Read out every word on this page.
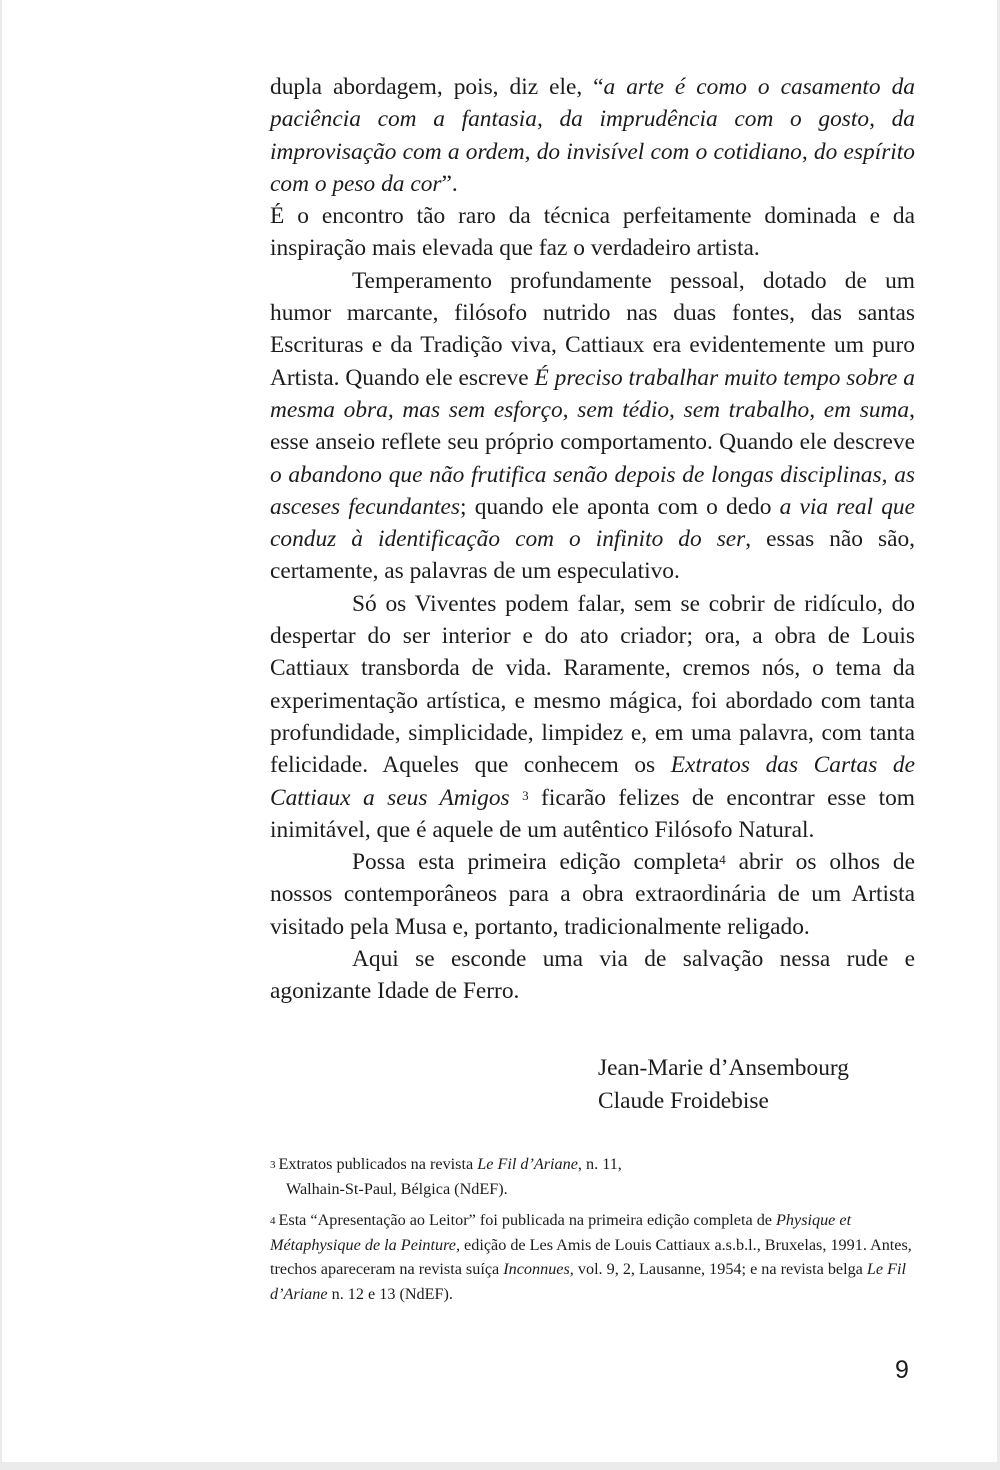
dupla abordagem, pois, diz ele, “a arte é como o casamento da paciência com a fantasia, da imprudência com o gosto, da improvisação com a ordem, do invisível com o cotidiano, do espírito com o peso da cor”.
É o encontro tão raro da técnica perfeitamente dominada e da inspiração mais elevada que faz o verdadeiro artista.

Temperamento profundamente pessoal, dotado de um humor marcante, filósofo nutrido nas duas fontes, das santas Escrituras e da Tradição viva, Cattiaux era evidentemente um puro Artista. Quando ele escreve É preciso trabalhar muito tempo sobre a mesma obra, mas sem esforço, sem tédio, sem trabalho, em suma, esse anseio reflete seu próprio comportamento. Quando ele descreve o abandono que não frutifica senão depois de longas disciplinas, as asceses fecundantes; quando ele aponta com o dedo a via real que conduz à identificação com o infinito do ser, essas não são, certamente, as palavras de um especulativo.

Só os Viventes podem falar, sem se cobrir de ridículo, do despertar do ser interior e do ato criador; ora, a obra de Louis Cattiaux transborda de vida. Raramente, cremos nós, o tema da experimentação artística, e mesmo mágica, foi abordado com tanta profundidade, simplicidade, limpidez e, em uma palavra, com tanta felicidade. Aqueles que conhecem os Extratos das Cartas de Cattiaux a seus Amigos $^3$ ficarão felizes de encontrar esse tom inimitável, que é aquele de um autêntico Filósofo Natural.

Possa esta primeira edição completa$^4$ abrir os olhos de nossos contemporâneos para a obra extraordinária de um Artista visitado pela Musa e, portanto, tradicionalmente religado.

Aqui se esconde uma via de salvação nessa rude e agonizante Idade de Ferro.

Jean-Marie d’Ansembourg
Claude Froidebise
$^3$ Extratos publicados na revista Le Fil d’Ariane, n. 11,
Walhain-St-Paul, Bélgica (NdEF).
$^4$ Esta “Apresentação ao Leitor” foi publicada na primeira edição completa de Physique et Métaphysique de la Peinture, edição de Les Amis de Louis Cattiaux a.s.b.l., Bruxelas, 1991. Antes, trechos apareceram na revista suíça Inconnues, vol. 9, 2, Lausanne, 1954; e na revista belga Le Fil d’Ariane n. 12 e 13 (NdEF).
9
